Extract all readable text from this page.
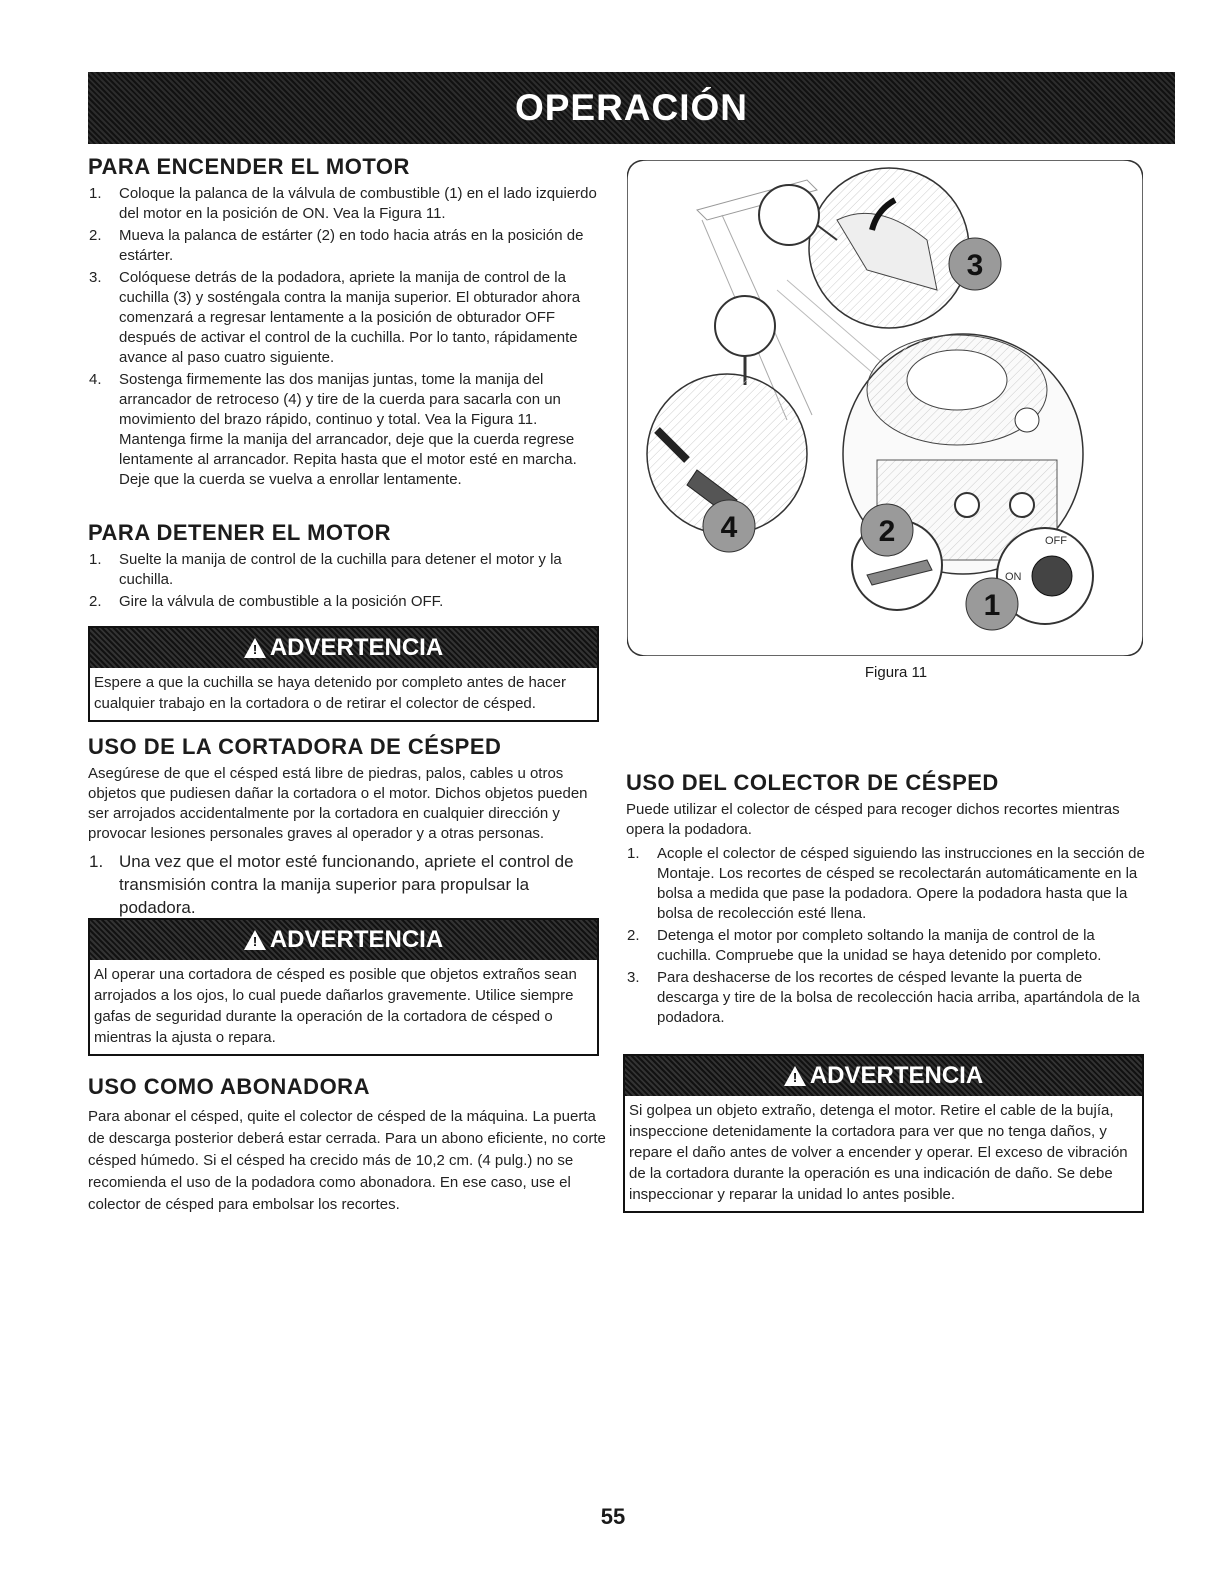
OPERACIÓN
PARA ENCENDER EL MOTOR
1. Coloque la palanca de la válvula de combustible (1) en el lado izquierdo del motor en la posición de ON. Vea la Figura 11.
2. Mueva la palanca de estárter (2) en todo hacia atrás en la posición de estárter.
3. Colóquese detrás de la podadora, apriete la manija de control de la cuchilla (3) y sosténgala contra la manija superior. El obturador ahora comenzará a regresar lentamente a la posición de obturador OFF después de activar el control de la cuchilla. Por lo tanto, rápidamente avance al paso cuatro siguiente.
4. Sostenga firmemente las dos manijas juntas, tome la manija del arrancador de retroceso (4) y tire de la cuerda para sacarla con un movimiento del brazo rápido, continuo y total. Vea la Figura 11. Mantenga firme la manija del arrancador, deje que la cuerda regrese lentamente al arrancador. Repita hasta que el motor esté en marcha. Deje que la cuerda se vuelva a enrollar lentamente.
PARA DETENER EL MOTOR
1. Suelte la manija de control de la cuchilla para detener el motor y la cuchilla.
2. Gire la válvula de combustible a la posición OFF.
! ADVERTENCIA

Espere a que la cuchilla se haya detenido por completo antes de hacer cualquier trabajo en la cortadora o de retirar el colector de césped.

USO DE LA CORTADORA DE CÉSPED

Asegúrese de que el césped está libre de piedras, palos, cables u otros objetos que pudiesen dañar la cortadora o el motor. Dichos objetos pueden ser arrojados accidentalmente por la cortadora en cualquier dirección y provocar lesiones personales graves al operador y a otras personas.

1. Una vez que el motor esté funcionando, apriete el control de transmisión contra la manija superior para propulsar la podadora.
! ADVERTENCIA

Al operar una cortadora de césped es posible que objetos extraños sean arrojados a los ojos, lo cual puede dañarlos gravemente. Utilice siempre gafas de seguridad durante la operación de la cortadora de césped o mientras la ajusta o repara.

USO COMO ABONADORA

Para abonar el césped, quite el colector de césped de la máquina. La puerta de descarga posterior deberá estar cerrada. Para un abono eficiente, no corte césped húmedo. Si el césped ha crecido más de 10,2 cm. (4 pulg.) no se recomienda el uso de la podadora como abonadora. En ese caso, use el colector de césped para embolsar los recortes.

OFF
ON
3
4	2
1
Figura 11
USO DEL COLECTOR DE CÉSPED

Puede utilizar el colector de césped para recoger dichos recortes mientras opera la podadora.

1. Acople el colector de césped siguiendo las instrucciones en la sección de Montaje. Los recortes de césped se recolectarán automáticamente en la bolsa a medida que pase la podadora. Opere la podadora hasta que la bolsa de recolección esté llena.
2. Detenga el motor por completo soltando la manija de control de la cuchilla. Compruebe que la unidad se haya detenido por completo.
3. Para deshacerse de los recortes de césped levante la puerta de descarga y tire de la bolsa de recolección hacia arriba, apartándola de la podadora.
! ADVERTENCIA

Si golpea un objeto extraño, detenga el motor. Retire el cable de la bujía, inspeccione detenidamente la cortadora para ver que no tenga daños, y repare el daño antes de volver a encender y operar. El exceso de vibración de la cortadora durante la operación es una indicación de daño. Se debe inspeccionar y reparar la unidad lo antes posible.

55
